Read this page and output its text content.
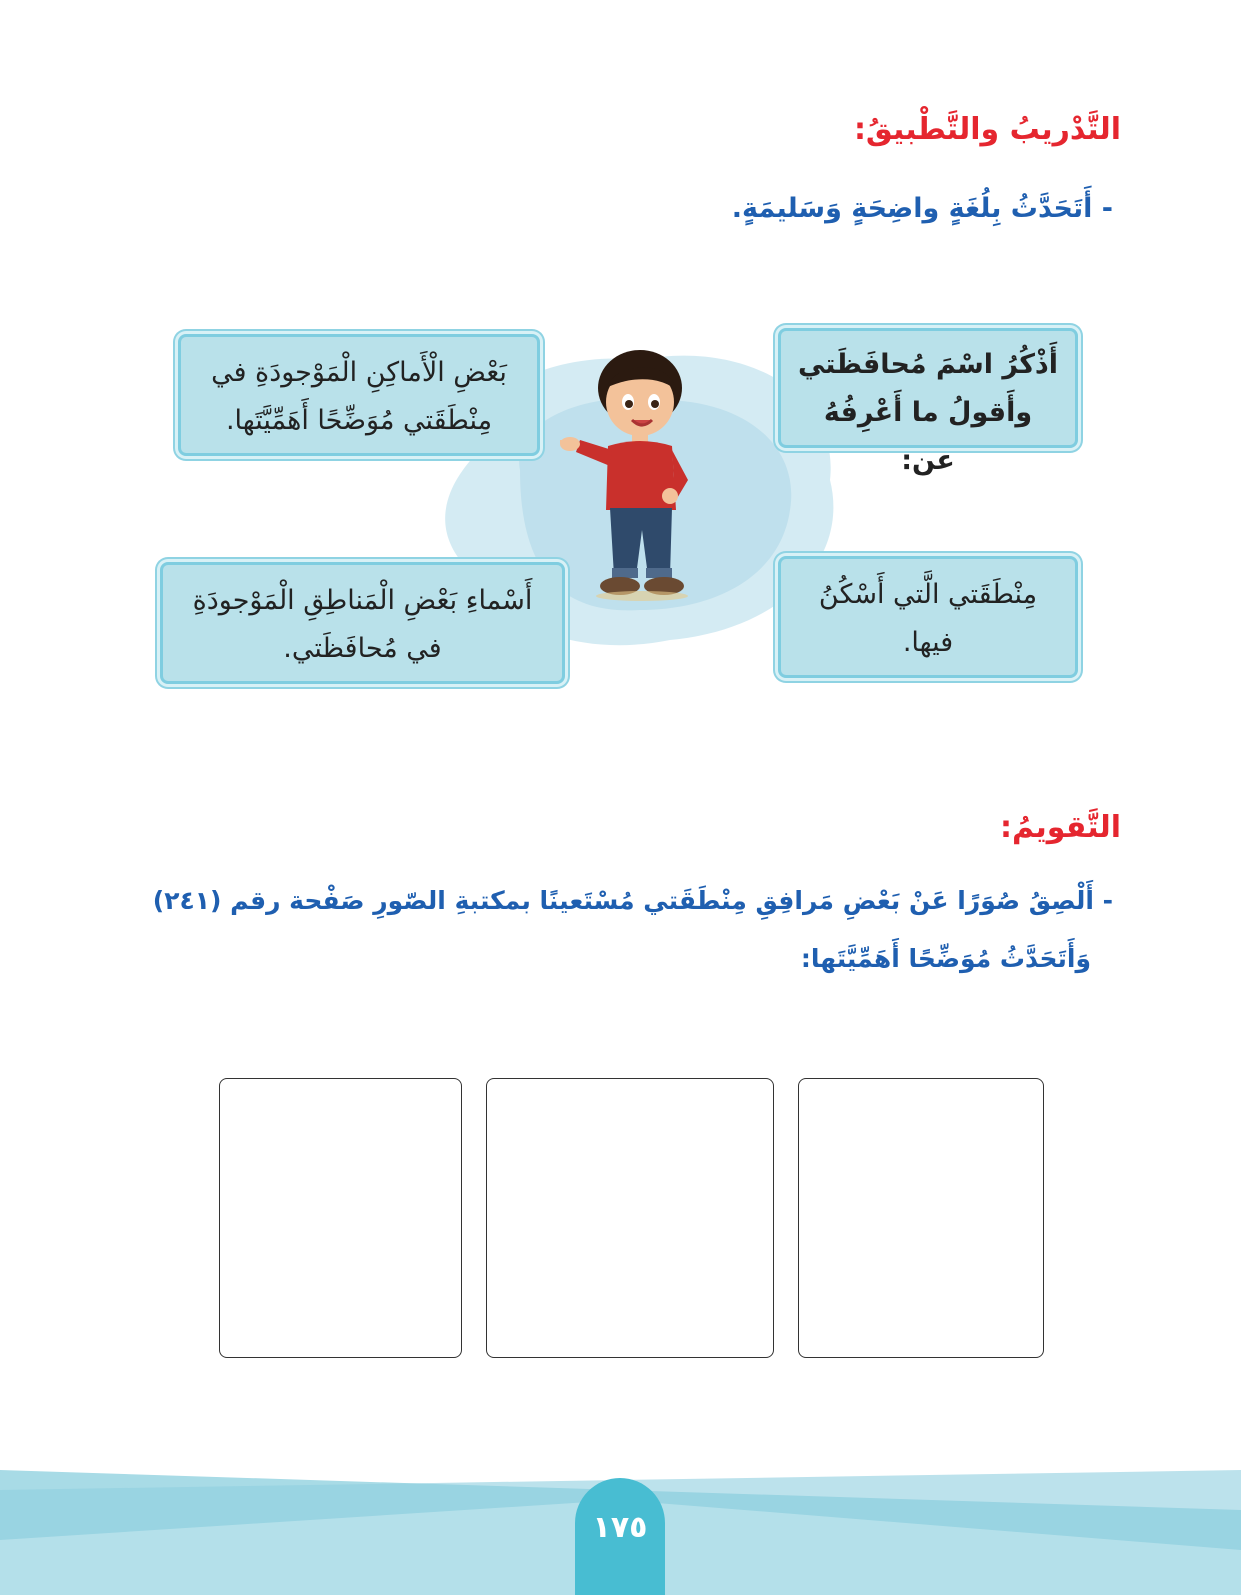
التَّدْريبُ والتَّطْبيقُ:
- أَتَحَدَّثُ بِلُغَةٍ واضِحَةٍ وَسَليمَةٍ.
أَذْكُرُ اسْمَ مُحافَظَتي
وأَقولُ ما أَعْرِفُهُ عن:
بَعْضِ الْأَماكِنِ الْمَوْجودَةِ في
مِنْطَقَتي مُوَضِّحًا أَهَمِّيَّتَها.
مِنْطَقَتي الَّتي أَسْكُنُ
فيها.
أَسْماءِ بَعْضِ الْمَناطِقِ الْمَوْجودَةِ
في مُحافَظَتي.
التَّقويمُ:
- أَلْصِقُ صُوَرًا عَنْ بَعْضِ مَرافِقِ مِنْطَقَتي مُسْتَعينًا بمكتبةِ الصّورِ صَفْحة رقم (٢٤١)
وَأَتَحَدَّثُ مُوَضِّحًا أَهَمِّيَّتَها:
١٧٥
